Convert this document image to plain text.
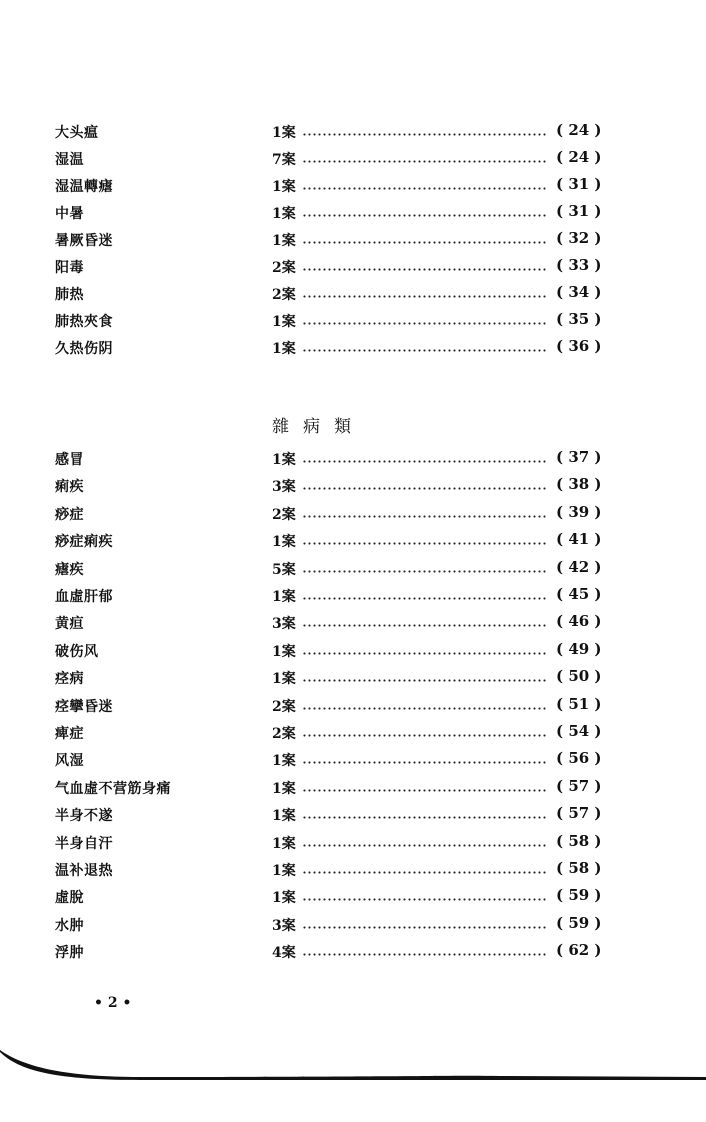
大头瘟	1案	( 24 )
湿温	7案	( 24 )
湿温轉瘧	1案	( 31 )
中暑	1案	( 31 )
暑厥昏迷	1案	( 32 )
阳毒	2案	( 33 )
肺热	2案	( 34 )
肺热夾食	1案	( 35 )
久热伤阴	1案	( 36 )
雜病類
感冒	1案	( 37 )
痢疾	3案	( 38 )
痧症	2案	( 39 )
痧症痢疾	1案	( 41 )
瘧疾	5案	( 42 )
血虛肝郁	1案	( 45 )
黄疸	3案	( 46 )
破伤风	1案	( 49 )
痉病	1案	( 50 )
痉攣昏迷	2案	( 51 )
痺症	2案	( 54 )
风湿	1案	( 56 )
气血虛不营筋身痛	1案	( 57 )
半身不遂	1案	( 57 )
半身自汗	1案	( 58 )
温补退热	1案	( 58 )
虛脫	1案	( 59 )
水肿	3案	( 59 )
浮肿	4案	( 62 )
• 2 •
